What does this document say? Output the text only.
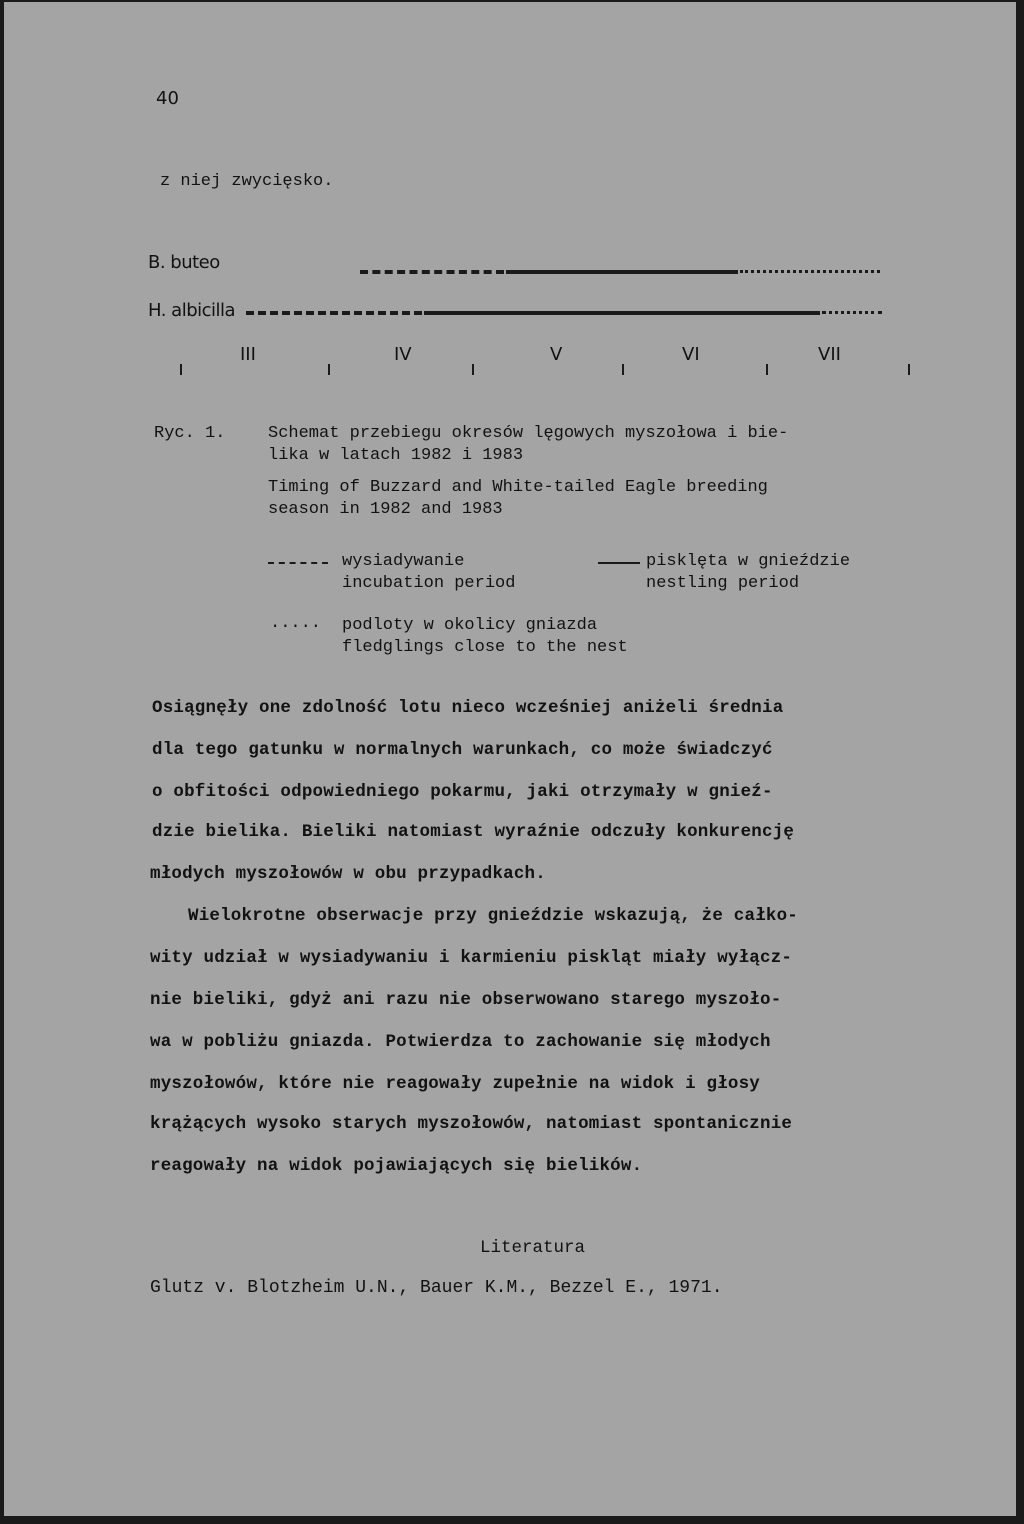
40
z niej zwycięsko.
B. buteo
H. albicilla
III	IV	V	VI	VII
Ryc. 1.	Schemat przebiegu okresów lęgowych myszołowa i bie-
lika w latach 1982 i 1983
Timing of Buzzard and White-tailed Eagle breeding
season in 1982 and 1983
wysiadywanie
incubation period
pisklęta w gnieździe
nestling period
..... podloty w okolicy gniazda
fledglings close to the nest
Osiągnęły one zdolność lotu nieco wcześniej aniżeli średnia
dla tego gatunku w normalnych warunkach, co może świadczyć
o obfitości odpowiedniego pokarmu, jaki otrzymały w gnieź-
dzie bielika. Bieliki natomiast wyraźnie odczuły konkurencję
młodych myszołowów w obu przypadkach.
Wielokrotne obserwacje przy gnieździe wskazują, że całko-
wity udział w wysiadywaniu i karmieniu piskląt miały wyłącz-
nie bieliki, gdyż ani razu nie obserwowano starego myszoło-
wa w pobliżu gniazda. Potwierdza to zachowanie się młodych
myszołowów, które nie reagowały zupełnie na widok i głosy
krążących wysoko starych myszołowów, natomiast spontanicznie
reagowały na widok pojawiających się bielików.
Literatura
Glutz v. Blotzheim U.N., Bauer K.M., Bezzel E., 1971.
